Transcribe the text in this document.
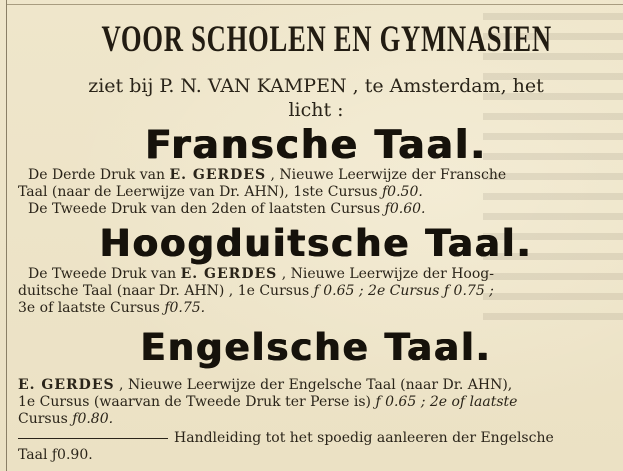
VOOR SCHOLEN EN GYMNASIEN
ziet bij P. N. VAN KAMPEN , te Amsterdam, het
licht :
Fransche Taal.
De Derde Druk van E. GERDES , Nieuwe Leerwijze der Fransche
Taal (naar de Leerwijze van Dr. AHN), 1ste Cursus ƒ0.50.
De Tweede Druk van den 2den of laatsten Cursus ƒ0.60.
Hoogduitsche Taal.
De Tweede Druk van E. GERDES , Nieuwe Leerwijze der Hoog-
duitsche Taal (naar Dr. AHN) , 1e Cursus ƒ 0.65 ; 2e Cursus ƒ 0.75 ;
3e of laatste Cursus ƒ0.75.
Engelsche Taal.
E. GERDES , Nieuwe Leerwijze der Engelsche Taal (naar Dr. AHN),
1e Cursus (waarvan de Tweede Druk ter Perse is) ƒ 0.65 ; 2e of laatste
Cursus ƒ0.80.
Handleiding tot het spoedig aanleeren der Engelsche
Taal ƒ0.90.
